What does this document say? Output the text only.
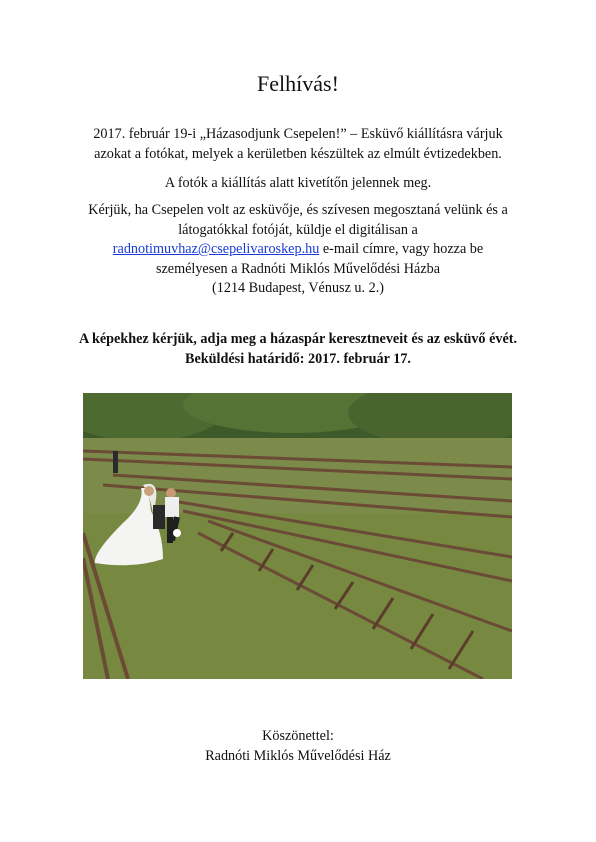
Felhívás!
2017. február 19-i „Házasodjunk Csepelen!” – Esküvő kiállításra várjuk
azokat a fotókat, melyek a kerületben készültek az elmúlt évtizedekben.
A fotók a kiállítás alatt kivetítőn jelennek meg.
Kérjük, ha Csepelen volt az esküvője, és szívesen megosztaná velünk és a
látogatókkal fotóját, küldje el digitálisan a
radnotimuvhaz@csepelivaroskep.hu e-mail címre, vagy hozza be
személyesen a Radnóti Miklós Művelődési Házba
(1214 Budapest, Vénusz u. 2.)
A képekhez kérjük, adja meg a házaspár keresztneveit és az esküvő évét.
Beküldési határidő: 2017. február 17.
Köszönettel:
Radnóti Miklós Művelődési Ház
